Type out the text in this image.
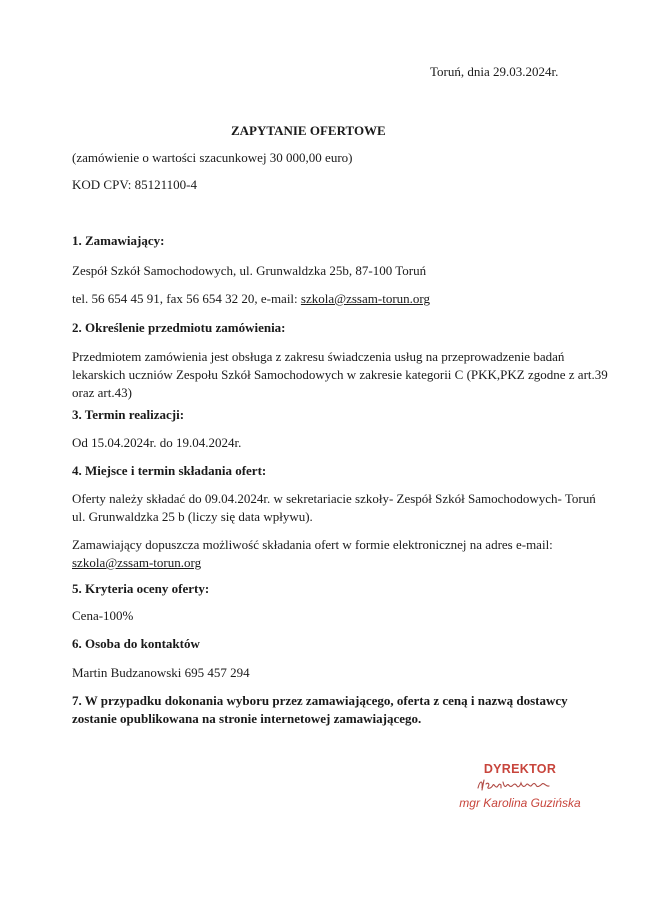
Toruń, dnia 29.03.2024r.
ZAPYTANIE OFERTOWE
(zamówienie o wartości szacunkowej 30 000,00 euro)
KOD CPV: 85121100-4
1. Zamawiający:
Zespół Szkół Samochodowych, ul. Grunwaldzka 25b, 87-100 Toruń
tel. 56 654 45 91, fax 56 654 32 20, e-mail: szkola@zssam-torun.org
2. Określenie przedmiotu zamówienia:
Przedmiotem zamówienia jest obsługa z zakresu świadczenia usług na przeprowadzenie badań
lekarskich uczniów Zespołu Szkół Samochodowych w zakresie kategorii C (PKK,PKZ zgodne z art.39
oraz art.43)
3. Termin realizacji:
Od 15.04.2024r. do 19.04.2024r.
4. Miejsce i termin składania ofert:
Oferty należy składać do 09.04.2024r. w sekretariacie szkoły- Zespół Szkół Samochodowych- Toruń
ul. Grunwaldzka 25 b (liczy się data wpływu).
Zamawiający dopuszcza możliwość składania ofert w formie elektronicznej na adres e-mail:
szkola@zssam-torun.org
5. Kryteria oceny oferty:
Cena-100%
6. Osoba do kontaktów
Martin Budzanowski 695 457 294
7. W przypadku dokonania wyboru przez zamawiającego, oferta z ceną i nazwą dostawcy
zostanie opublikowana na stronie internetowej zamawiającego.
DYREKTOR
mgr Karolina Guzińska
